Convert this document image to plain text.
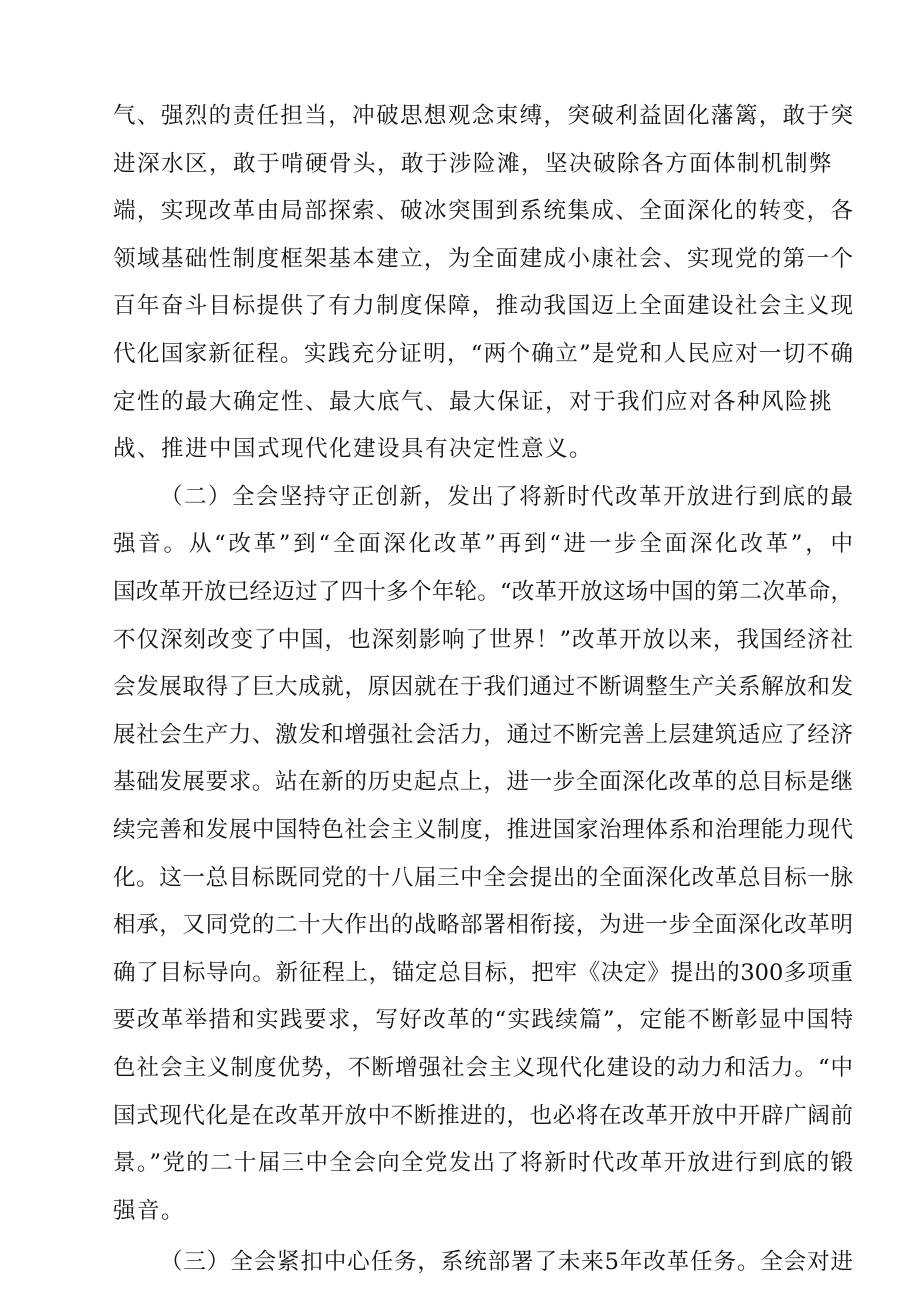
气、强烈的责任担当，冲破思想观念束缚，突破利益固化藩篱，敢于突
进深水区，敢于啃硬骨头，敢于涉险滩，坚决破除各方面体制机制弊
端，实现改革由局部探索、破冰突围到系统集成、全面深化的转变，各
领域基础性制度框架基本建立，为全面建成小康社会、实现党的第一个
百年奋斗目标提供了有力制度保障，推动我国迈上全面建设社会主义现
代化国家新征程。实践充分证明，“两个确立”是党和人民应对一切不确
定性的最大确定性、最大底气、最大保证，对于我们应对各种风险挑
战、推进中国式现代化建设具有决定性意义。
（二）全会坚持守正创新，发出了将新时代改革开放进行到底的最
强音。从“改革”到“全面深化改革”再到“进一步全面深化改革”，中
国改革开放已经迈过了四十多个年轮。“改革开放这场中国的第二次革命，
不仅深刻改变了中国，也深刻影响了世界！”改革开放以来，我国经济社
会发展取得了巨大成就，原因就在于我们通过不断调整生产关系解放和发
展社会生产力、激发和增强社会活力，通过不断完善上层建筑适应了经济
基础发展要求。站在新的历史起点上，进一步全面深化改革的总目标是继
续完善和发展中国特色社会主义制度，推进国家治理体系和治理能力现代
化。这一总目标既同党的十八届三中全会提出的全面深化改革总目标一脉
相承，又同党的二十大作出的战略部署相衔接，为进一步全面深化改革明
确了目标导向。新征程上，锚定总目标，把牢《决定》提出的300多项重
要改革举措和实践要求，写好改革的“实践续篇”，定能不断彰显中国特
色社会主义制度优势，不断增强社会主义现代化建设的动力和活力。“中
国式现代化是在改革开放中不断推进的，也必将在改革开放中开辟广阔前
景。”党的二十届三中全会向全党发出了将新时代改革开放进行到底的锻
强音。
（三）全会紧扣中心任务，系统部署了未来5年改革任务。全会对进
